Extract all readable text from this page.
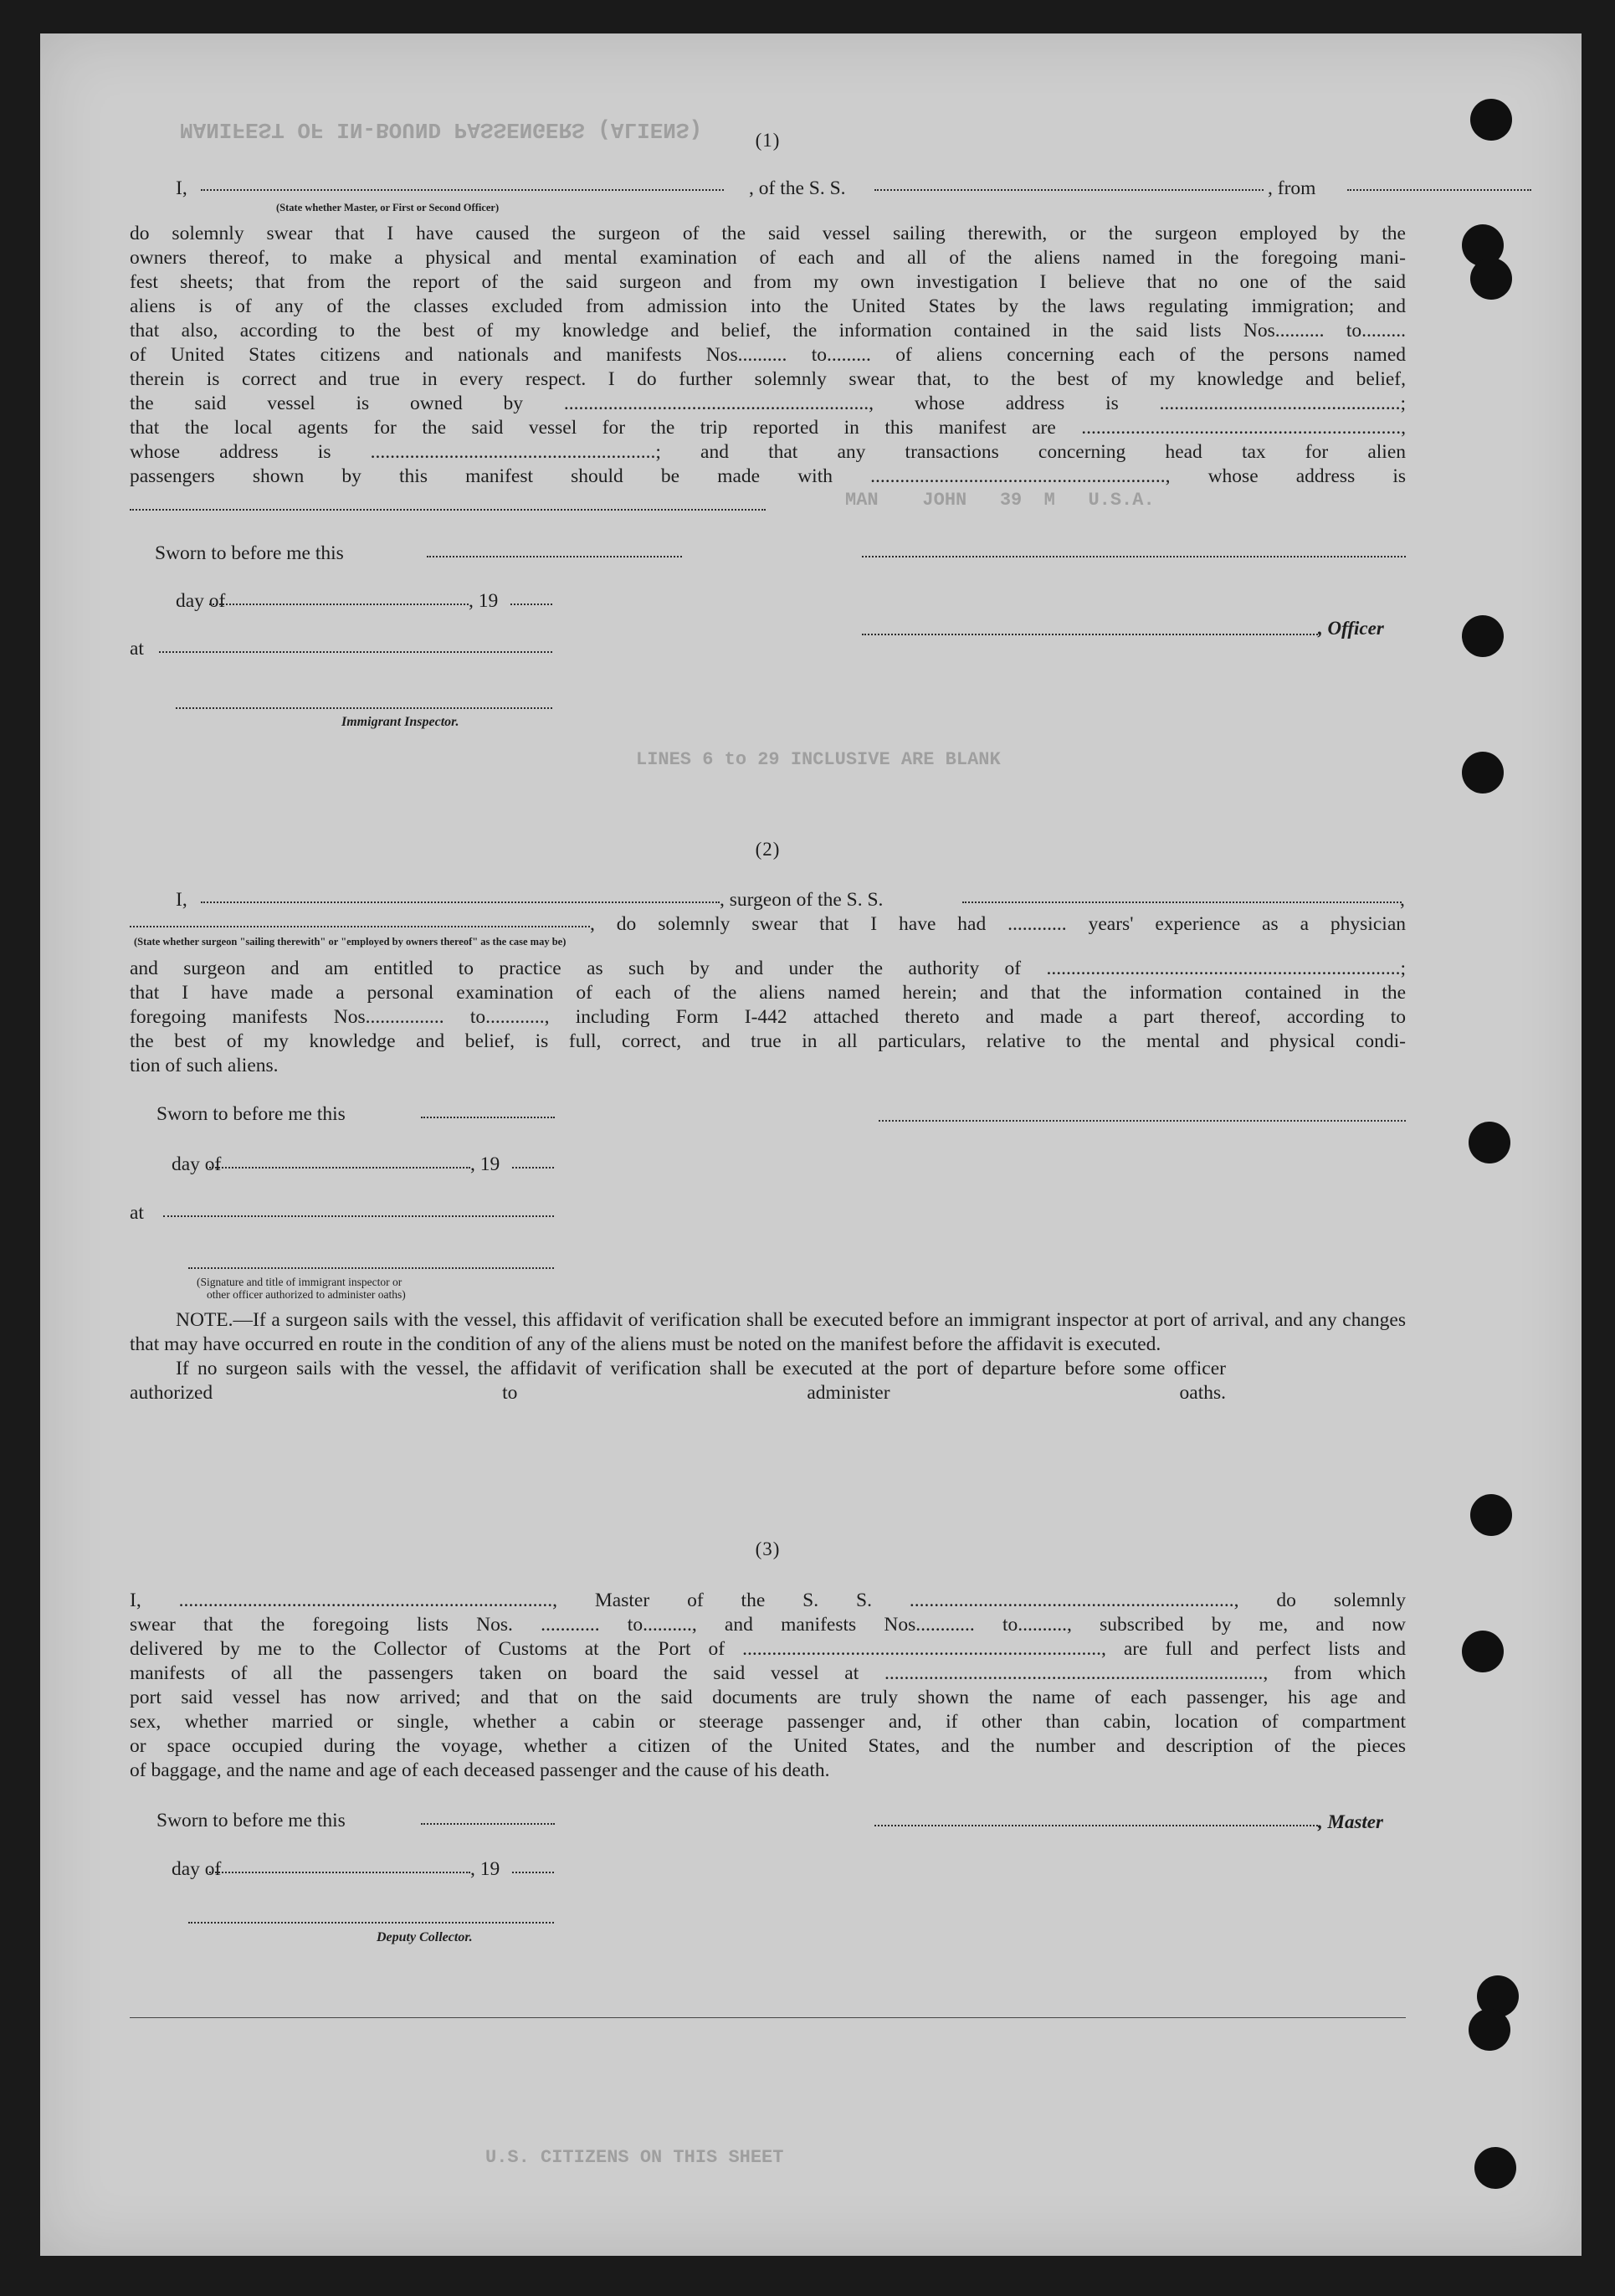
MANIFEST OF IN-BOUND PASSENGERS (ALIENS)
MAN    JOHN   39  M   U.S.A.
LINES 6 to 29 INCLUSIVE ARE BLANK
U.S. CITIZENS ON THIS SHEET
(1)
I,	, of the S. S.	, from
(State whether Master, or First or Second Officer)
do solemnly swear that I have caused the surgeon of the said vessel sailing therewith, or the surgeon employed by the
owners thereof, to make a physical and mental examination of each and all of the aliens named in the foregoing mani-
fest sheets; that from the report of the said surgeon and from my own investigation I believe that no one of the said
aliens is of any of the classes excluded from admission into the United States by the laws regulating immigration; and
that also, according to the best of my knowledge and belief, the information contained in the said lists Nos.......... to.........
of United States citizens and nationals and manifests Nos.......... to......... of aliens concerning each of the persons named
therein is correct and true in every respect. I do further solemnly swear that, to the best of my knowledge and belief,
the said vessel is owned by .............................................................., whose address is .................................................;
that the local agents for the said vessel for the trip reported in this manifest are .................................................................,
whose address is ..........................................................; and that any transactions concerning head tax for alien
passengers shown by this manifest should be made with ............................................................, whose address is
Sworn to before me this
day of	, 19
, Officer
at
Immigrant Inspector.
(2)
I,	, surgeon of the S. S.	,
, do solemnly swear that I have had ............ years' experience as a physician
(State whether surgeon "sailing therewith" or "employed by owners thereof" as the case may be)
and surgeon and am entitled to practice as such by and under the authority of ........................................................................;
that I have made a personal examination of each of the aliens named herein; and that the information contained in the
foregoing manifests Nos................ to............, including Form I-442 attached thereto and made a part thereof, according to
the best of my knowledge and belief, is full, correct, and true in all particulars, relative to the mental and physical condi-
tion of such aliens.
Sworn to before me this
day of	, 19
at
(Signature and title of immigrant inspector or
other officer authorized to administer oaths)

NOTE.—If a surgeon sails with the vessel, this affidavit of verification shall be executed before an immigrant inspector at port of arrival, and any changes that may have occurred en route in the condition of any of the aliens must be noted on the manifest before the affidavit is executed.

If no surgeon sails with the vessel, the affidavit of verification shall be executed at the port of departure before some officer authorized to administer oaths.

(3)
I, ............................................................................, Master of the S. S. .................................................................., do solemnly
swear that the foregoing lists Nos. ............ to.........., and manifests Nos............ to.........., subscribed by me, and now
delivered by me to the Collector of Customs at the Port of ........................................................................., are full and perfect lists and
manifests of all the passengers taken on board the said vessel at ............................................................................., from which
port said vessel has now arrived; and that on the said documents are truly shown the name of each passenger, his age and
sex, whether married or single, whether a cabin or steerage passenger and, if other than cabin, location of compartment
or space occupied during the voyage, whether a citizen of the United States, and the number and description of the pieces
of baggage, and the name and age of each deceased passenger and the cause of his death.
Sworn to before me this	, Master
day of	, 19
Deputy Collector.
